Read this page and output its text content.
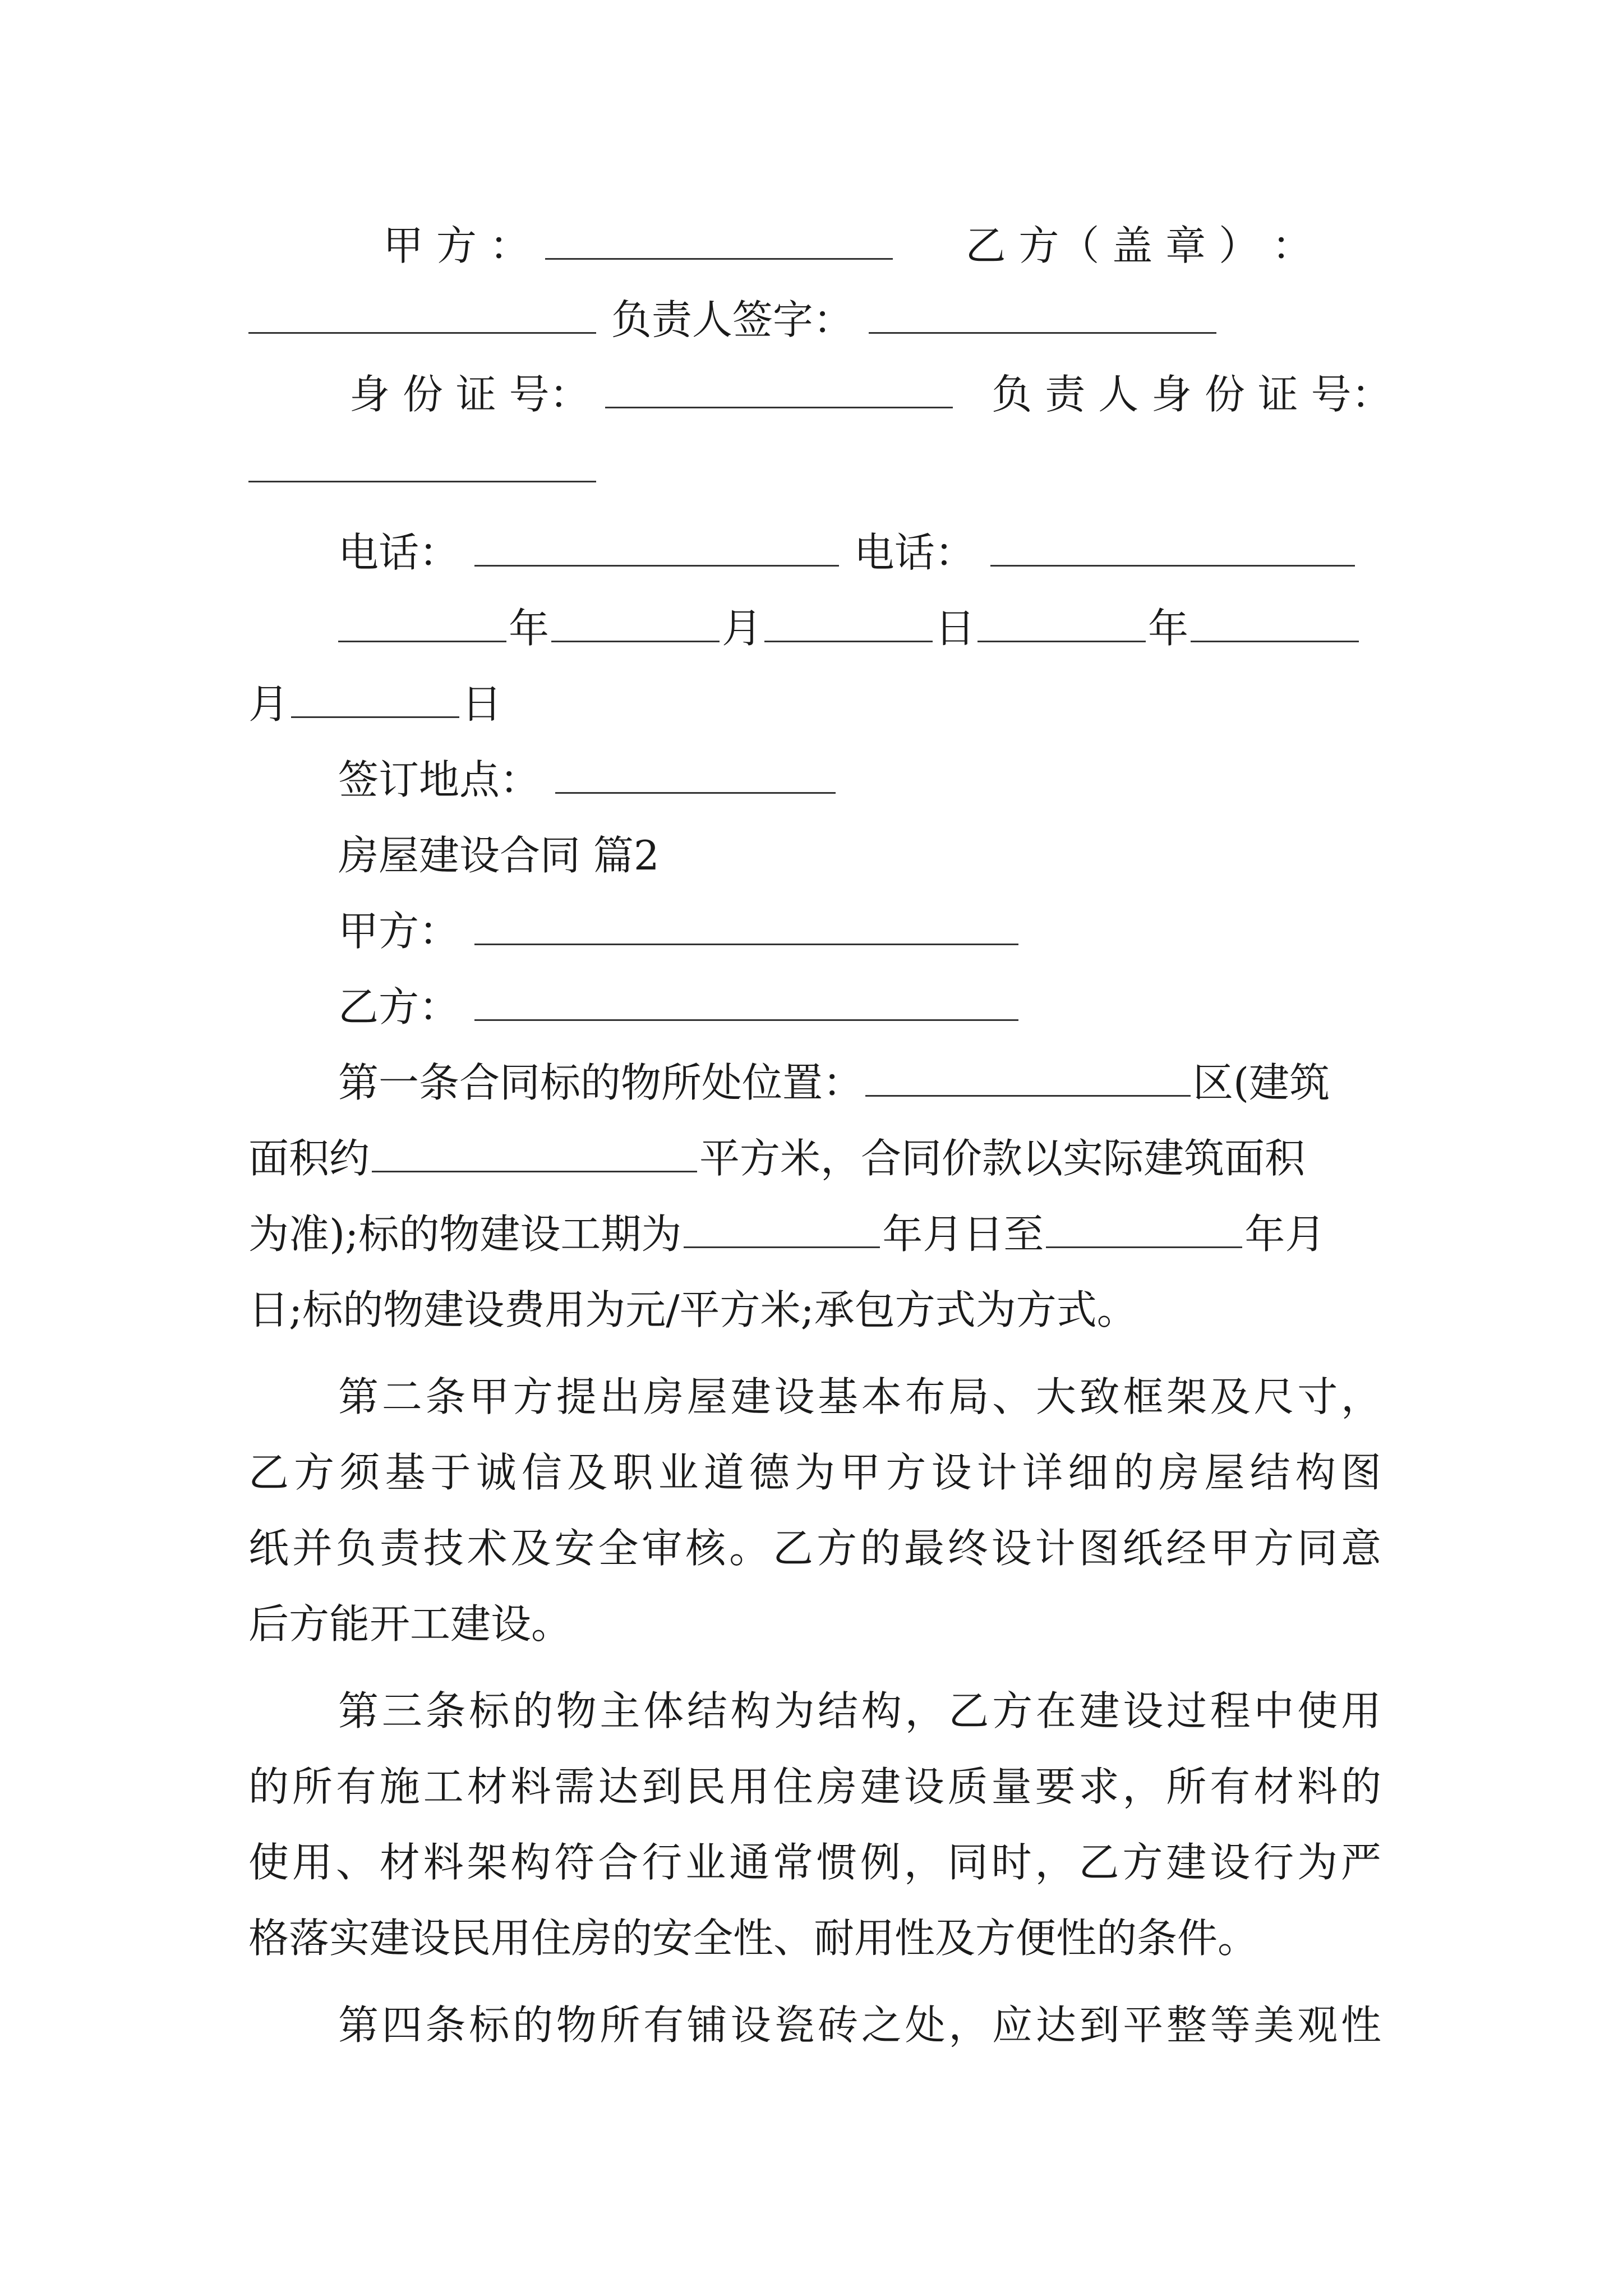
甲 方 ：	乙 方（ 盖 章 ） ：
负责人签字：
身 份 证 号：	负 责 人 身 份 证 号：
电话：	电话：
年	月	日	年
月	日
签订地点：
房屋建设合同 篇2
甲方：
乙方：
第一条合同标的物所处位置：	区(建筑
面积约	平方米，合同价款以实际建筑面积
为准);标的物建设工期为	年月日至	年月
日;标的物建设费用为元/平方米;承包方式为方式。
第二条甲方提出房屋建设基本布局、大致框架及尺寸，
乙方须基于诚信及职业道德为甲方设计详细的房屋结构图
纸并负责技术及安全审核。乙方的最终设计图纸经甲方同意
后方能开工建设。
第三条标的物主体结构为结构，乙方在建设过程中使用
的所有施工材料需达到民用住房建设质量要求，所有材料的
使用、材料架构符合行业通常惯例，同时，乙方建设行为严
格落实建设民用住房的安全性、耐用性及方便性的条件。
第四条标的物所有铺设瓷砖之处，应达到平整等美观性
